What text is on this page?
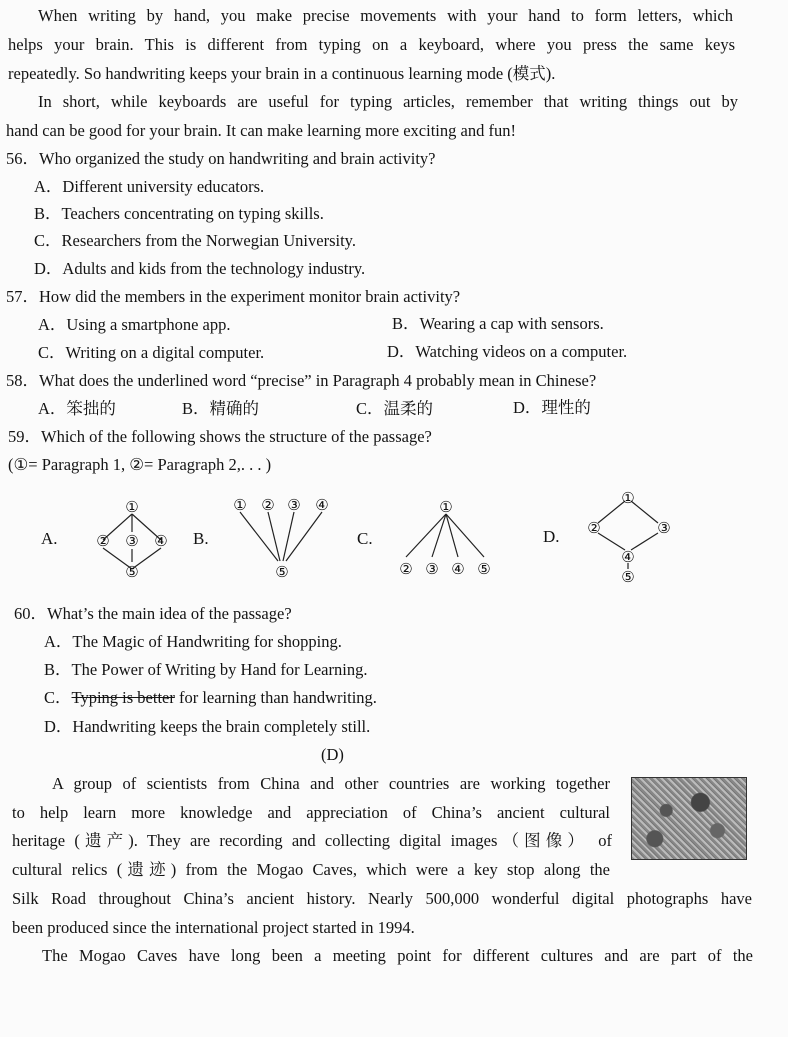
When writing by hand, you make precise movements with your hand to form letters, which
helps your brain. This is different from typing on a keyboard, where you press the same keys
repeatedly. So handwriting keeps your brain in a continuous learning mode (模式).
In short, while keyboards are useful for typing articles, remember that writing things out by
hand can be good for your brain. It can make learning more exciting and fun!
56．Who organized the study on handwriting and brain activity?
A．Different university educators.
B．Teachers concentrating on typing skills.
C．Researchers from the Norwegian University.
D．Adults and kids from the technology industry.
57．How did the members in the experiment monitor brain activity?
A．Using a smartphone app.	B．Wearing a cap with sensors.
C．Writing on a digital computer.	D．Watching videos on a computer.
58．What does the underlined word “precise” in Paragraph 4 probably mean in Chinese?
A．笨拙的	B．精确的	C．温柔的	D．理性的
59．Which of the following shows the structure of the passage?
(①= Paragraph 1, ②= Paragraph 2,. . . )
A.
①
② ③ ④
⑤
B.
① ② ③ ④
⑤
C.
①
② ③ ④ ⑤
D.
①
②	③
④
⑤
60．What’s the main idea of the passage?
A．The Magic of Handwriting for shopping.
B．The Power of Writing by Hand for Learning.
C．Typing is better for learning than handwriting.
D．Handwriting keeps the brain completely still.
(D)
A group of scientists from China and other countries are working together
to help learn more knowledge and appreciation of China’s ancient cultural
heritage (遗产). They are recording and collecting digital images（图像） of
cultural relics (遗迹) from the Mogao Caves, which were a key stop along the
Silk Road throughout China’s ancient history. Nearly 500,000 wonderful digital photographs have
been produced since the international project started in 1994.
The Mogao Caves have long been a meeting point for different cultures and are part of the
